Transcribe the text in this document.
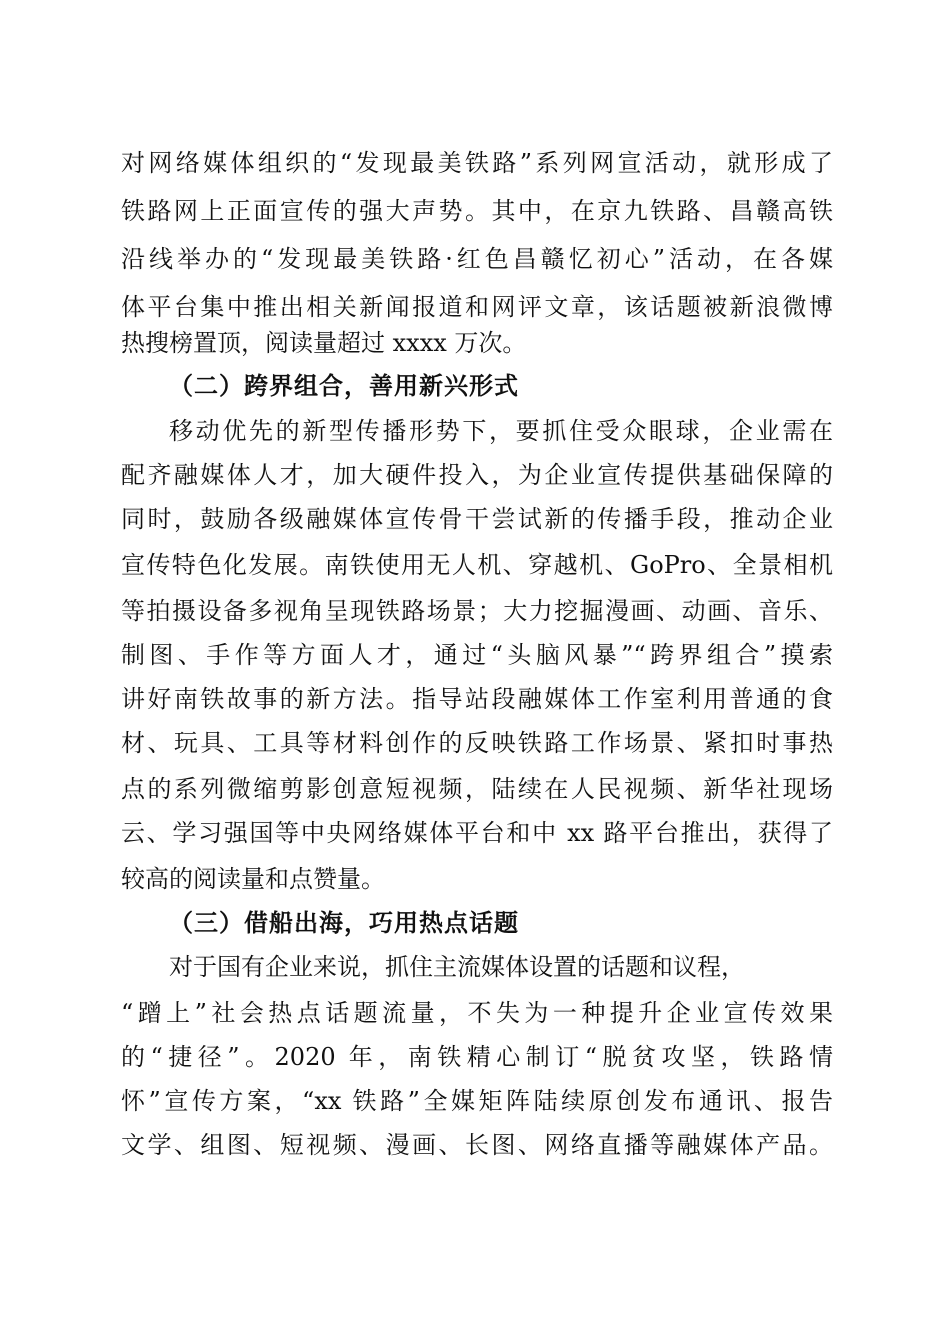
对网络媒体组织的“发现最美铁路”系列网宣活动，就形成了
铁路网上正面宣传的强大声势。其中，在京九铁路、昌赣高铁
沿线举办的“发现最美铁路·红色昌赣忆初心”活动，在各媒
体平台集中推出相关新闻报道和网评文章，该话题被新浪微博
热搜榜置顶，阅读量超过 xxxx 万次。
（二）跨界组合，善用新兴形式
移动优先的新型传播形势下，要抓住受众眼球，企业需在
配齐融媒体人才，加大硬件投入，为企业宣传提供基础保障的
同时，鼓励各级融媒体宣传骨干尝试新的传播手段，推动企业
宣传特色化发展。南铁使用无人机、穿越机、GoPro、全景相机
等拍摄设备多视角呈现铁路场景；大力挖掘漫画、动画、音乐、
制图、手作等方面人才，通过“头脑风暴”“跨界组合”摸索
讲好南铁故事的新方法。指导站段融媒体工作室利用普通的食
材、玩具、工具等材料创作的反映铁路工作场景、紧扣时事热
点的系列微缩剪影创意短视频，陆续在人民视频、新华社现场
云、学习强国等中央网络媒体平台和中 xx 路平台推出，获得了
较高的阅读量和点赞量。
（三）借船出海，巧用热点话题
对于国有企业来说，抓住主流媒体设置的话题和议程，
“蹭上”社会热点话题流量，不失为一种提升企业宣传效果
的“捷径”。2020 年，南铁精心制订“脱贫攻坚，铁路情
怀”宣传方案，“xx 铁路”全媒矩阵陆续原创发布通讯、报告
文学、组图、短视频、漫画、长图、网络直播等融媒体产品。
